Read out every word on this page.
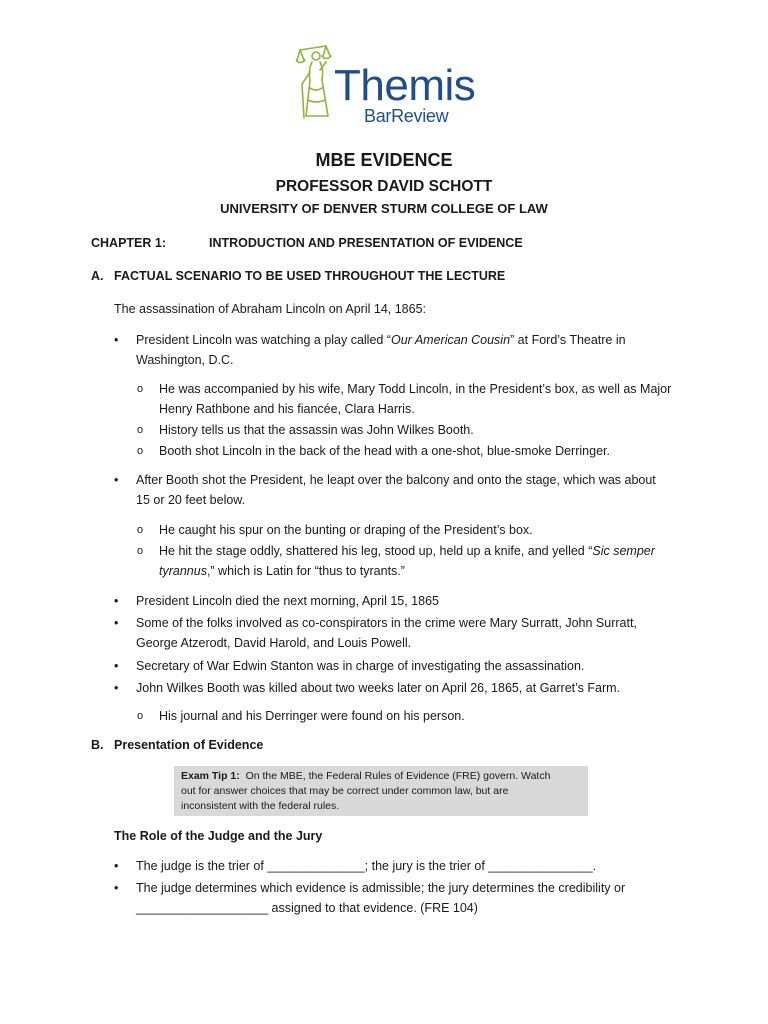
Themis
BarReview
MBE EVIDENCE
PROFESSOR DAVID SCHOTT
UNIVERSITY OF DENVER STURM COLLEGE OF LAW
CHAPTER 1:	INTRODUCTION AND PRESENTATION OF EVIDENCE
A. FACTUAL SCENARIO TO BE USED THROUGHOUT THE LECTURE
The assassination of Abraham Lincoln on April 14, 1865:
• President Lincoln was watching a play called “Our American Cousin” at Ford’s Theatre in
Washington, D.C.
o He was accompanied by his wife, Mary Todd Lincoln, in the President’s box, as well as Major
Henry Rathbone and his fiancée, Clara Harris.
o History tells us that the assassin was John Wilkes Booth.
o Booth shot Lincoln in the back of the head with a one-shot, blue-smoke Derringer.
• After Booth shot the President, he leapt over the balcony and onto the stage, which was about
15 or 20 feet below.
o He caught his spur on the bunting or draping of the President’s box.
o He hit the stage oddly, shattered his leg, stood up, held up a knife, and yelled “Sic semper
tyrannus,” which is Latin for “thus to tyrants.”
• President Lincoln died the next morning, April 15, 1865
• Some of the folks involved as co-conspirators in the crime were Mary Surratt, John Surratt,
George Atzerodt, David Harold, and Louis Powell.
• Secretary of War Edwin Stanton was in charge of investigating the assassination.
• John Wilkes Booth was killed about two weeks later on April 26, 1865, at Garret’s Farm.
o His journal and his Derringer were found on his person.
B. Presentation of Evidence
Exam Tip 1: On the MBE, the Federal Rules of Evidence (FRE) govern. Watch
out for answer choices that may be correct under common law, but are
inconsistent with the federal rules.
The Role of the Judge and the Jury
• The judge is the trier of ______________; the jury is the trier of _______________.
• The judge determines which evidence is admissible; the jury determines the credibility or
___________________ assigned to that evidence. (FRE 104)
